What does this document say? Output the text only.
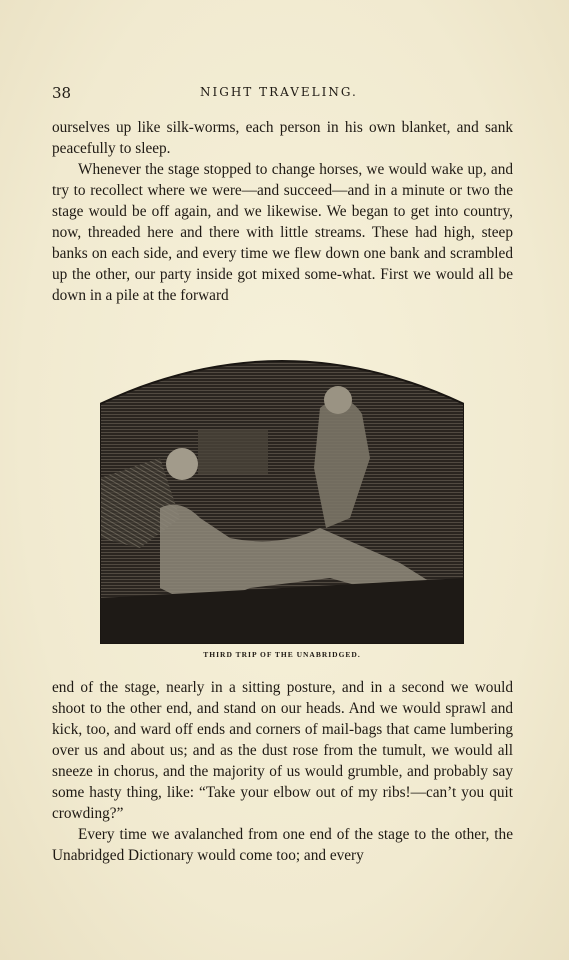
38	NIGHT TRAVELING.

ourselves up like silk-worms, each person in his own blanket, and sank peacefully to sleep.

Whenever the stage stopped to change horses, we would wake up, and try to recollect where we were—and succeed—and in a minute or two the stage would be off again, and we likewise. We began to get into country, now, threaded here and there with little streams. These had high, steep banks on each side, and every time we flew down one bank and scrambled up the other, our party inside got mixed some-what. First we would all be down in a pile at the forward

THIRD TRIP OF THE UNABRIDGED.

end of the stage, nearly in a sitting posture, and in a second we would shoot to the other end, and stand on our heads. And we would sprawl and kick, too, and ward off ends and corners of mail-bags that came lumbering over us and about us; and as the dust rose from the tumult, we would all sneeze in chorus, and the majority of us would grumble, and probably say some hasty thing, like: “Take your elbow out of my ribs!—can’t you quit crowding?”

Every time we avalanched from one end of the stage to the other, the Unabridged Dictionary would come too; and every
